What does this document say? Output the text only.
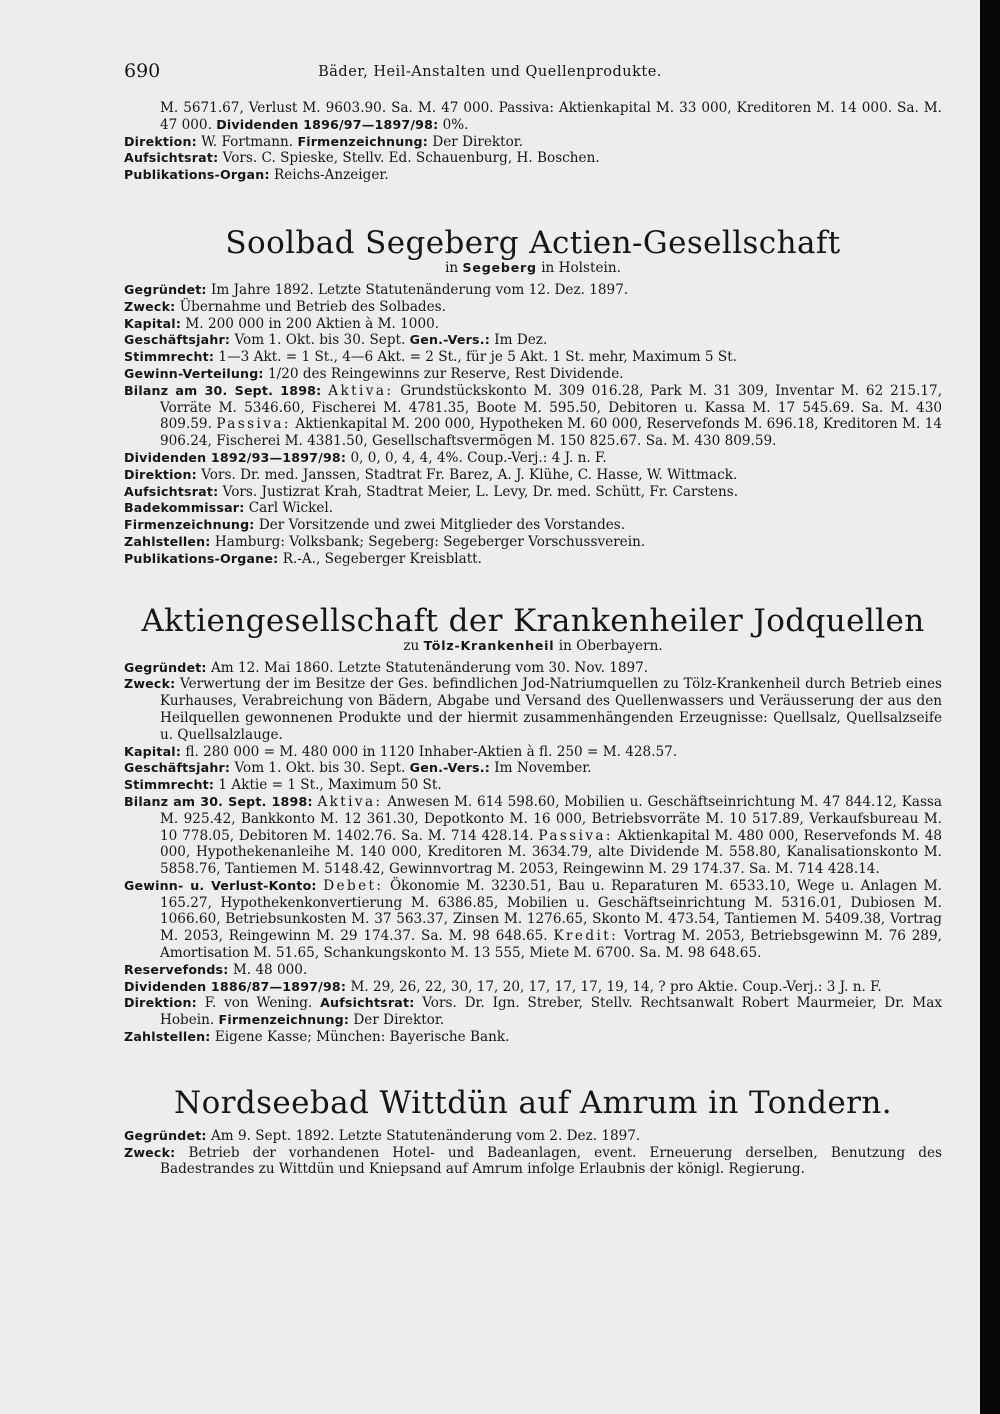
690	Bäder, Heil-Anstalten und Quellenprodukte.

M. 5671.67, Verlust M. 9603.90. Sa. M. 47 000. Passiva: Aktienkapital M. 33 000, Kreditoren M. 14 000. Sa. M. 47 000. Dividenden 1896/97—1897/98: 0%.

Direktion: W. Fortmann. Firmenzeichnung: Der Direktor.

Aufsichtsrat: Vors. C. Spieske, Stellv. Ed. Schauenburg, H. Boschen.

Publikations-Organ: Reichs-Anzeiger.

Soolbad Segeberg Actien-Gesellschaft

in Segeberg in Holstein.

Gegründet: Im Jahre 1892. Letzte Statutenänderung vom 12. Dez. 1897.

Zweck: Übernahme und Betrieb des Solbades.

Kapital: M. 200 000 in 200 Aktien à M. 1000.

Geschäftsjahr: Vom 1. Okt. bis 30. Sept. Gen.-Vers.: Im Dez.

Stimmrecht: 1—3 Akt. = 1 St., 4—6 Akt. = 2 St., für je 5 Akt. 1 St. mehr, Maximum 5 St.

Gewinn-Verteilung: 1/20 des Reingewinns zur Reserve, Rest Dividende.

Bilanz am 30. Sept. 1898: Aktiva: Grundstückskonto M. 309 016.28, Park M. 31 309, Inventar M. 62 215.17, Vorräte M. 5346.60, Fischerei M. 4781.35, Boote M. 595.50, Debitoren u. Kassa M. 17 545.69. Sa. M. 430 809.59. Passiva: Aktienkapital M. 200 000, Hypotheken M. 60 000, Reservefonds M. 696.18, Kreditoren M. 14 906.24, Fischerei M. 4381.50, Gesellschaftsvermögen M. 150 825.67. Sa. M. 430 809.59.

Dividenden 1892/93—1897/98: 0, 0, 0, 4, 4, 4%. Coup.-Verj.: 4 J. n. F.

Direktion: Vors. Dr. med. Janssen, Stadtrat Fr. Barez, A. J. Klühe, C. Hasse, W. Wittmack.

Aufsichtsrat: Vors. Justizrat Krah, Stadtrat Meier, L. Levy, Dr. med. Schütt, Fr. Carstens.

Badekommissar: Carl Wickel.

Firmenzeichnung: Der Vorsitzende und zwei Mitglieder des Vorstandes.

Zahlstellen: Hamburg: Volksbank; Segeberg: Segeberger Vorschussverein.

Publikations-Organe: R.-A., Segeberger Kreisblatt.

Aktiengesellschaft der Krankenheiler Jodquellen

zu Tölz-Krankenheil in Oberbayern.

Gegründet: Am 12. Mai 1860. Letzte Statutenänderung vom 30. Nov. 1897.

Zweck: Verwertung der im Besitze der Ges. befindlichen Jod-Natriumquellen zu Tölz-Krankenheil durch Betrieb eines Kurhauses, Verabreichung von Bädern, Abgabe und Versand des Quellenwassers und Veräusserung der aus den Heilquellen gewonnenen Produkte und der hiermit zusammenhängenden Erzeugnisse: Quellsalz, Quellsalzseife u. Quellsalzlauge.

Kapital: fl. 280 000 = M. 480 000 in 1120 Inhaber-Aktien à fl. 250 = M. 428.57.

Geschäftsjahr: Vom 1. Okt. bis 30. Sept. Gen.-Vers.: Im November.

Stimmrecht: 1 Aktie = 1 St., Maximum 50 St.

Bilanz am 30. Sept. 1898: Aktiva: Anwesen M. 614 598.60, Mobilien u. Geschäftseinrichtung M. 47 844.12, Kassa M. 925.42, Bankkonto M. 12 361.30, Depotkonto M. 16 000, Betriebsvorräte M. 10 517.89, Verkaufsbureau M. 10 778.05, Debitoren M. 1402.76. Sa. M. 714 428.14. Passiva: Aktienkapital M. 480 000, Reservefonds M. 48 000, Hypothekenanleihe M. 140 000, Kreditoren M. 3634.79, alte Dividende M. 558.80, Kanalisationskonto M. 5858.76, Tantiemen M. 5148.42, Gewinnvortrag M. 2053, Reingewinn M. 29 174.37. Sa. M. 714 428.14.

Gewinn- u. Verlust-Konto: Debet: Ökonomie M. 3230.51, Bau u. Reparaturen M. 6533.10, Wege u. Anlagen M. 165.27, Hypothekenkonvertierung M. 6386.85, Mobilien u. Geschäftseinrichtung M. 5316.01, Dubiosen M. 1066.60, Betriebsunkosten M. 37 563.37, Zinsen M. 1276.65, Skonto M. 473.54, Tantiemen M. 5409.38, Vortrag M. 2053, Reingewinn M. 29 174.37. Sa. M. 98 648.65. Kredit: Vortrag M. 2053, Betriebsgewinn M. 76 289, Amortisation M. 51.65, Schankungskonto M. 13 555, Miete M. 6700. Sa. M. 98 648.65.

Reservefonds: M. 48 000.

Dividenden 1886/87—1897/98: M. 29, 26, 22, 30, 17, 20, 17, 17, 17, 19, 14, ? pro Aktie. Coup.-Verj.: 3 J. n. F.

Direktion: F. von Wening. Aufsichtsrat: Vors. Dr. Ign. Streber, Stellv. Rechtsanwalt Robert Maurmeier, Dr. Max Hobein. Firmenzeichnung: Der Direktor.

Zahlstellen: Eigene Kasse; München: Bayerische Bank.

Nordseebad Wittdün auf Amrum in Tondern.

Gegründet: Am 9. Sept. 1892. Letzte Statutenänderung vom 2. Dez. 1897.

Zweck: Betrieb der vorhandenen Hotel- und Badeanlagen, event. Erneuerung derselben, Benutzung des Badestrandes zu Wittdün und Kniepsand auf Amrum infolge Erlaubnis der königl. Regierung.
